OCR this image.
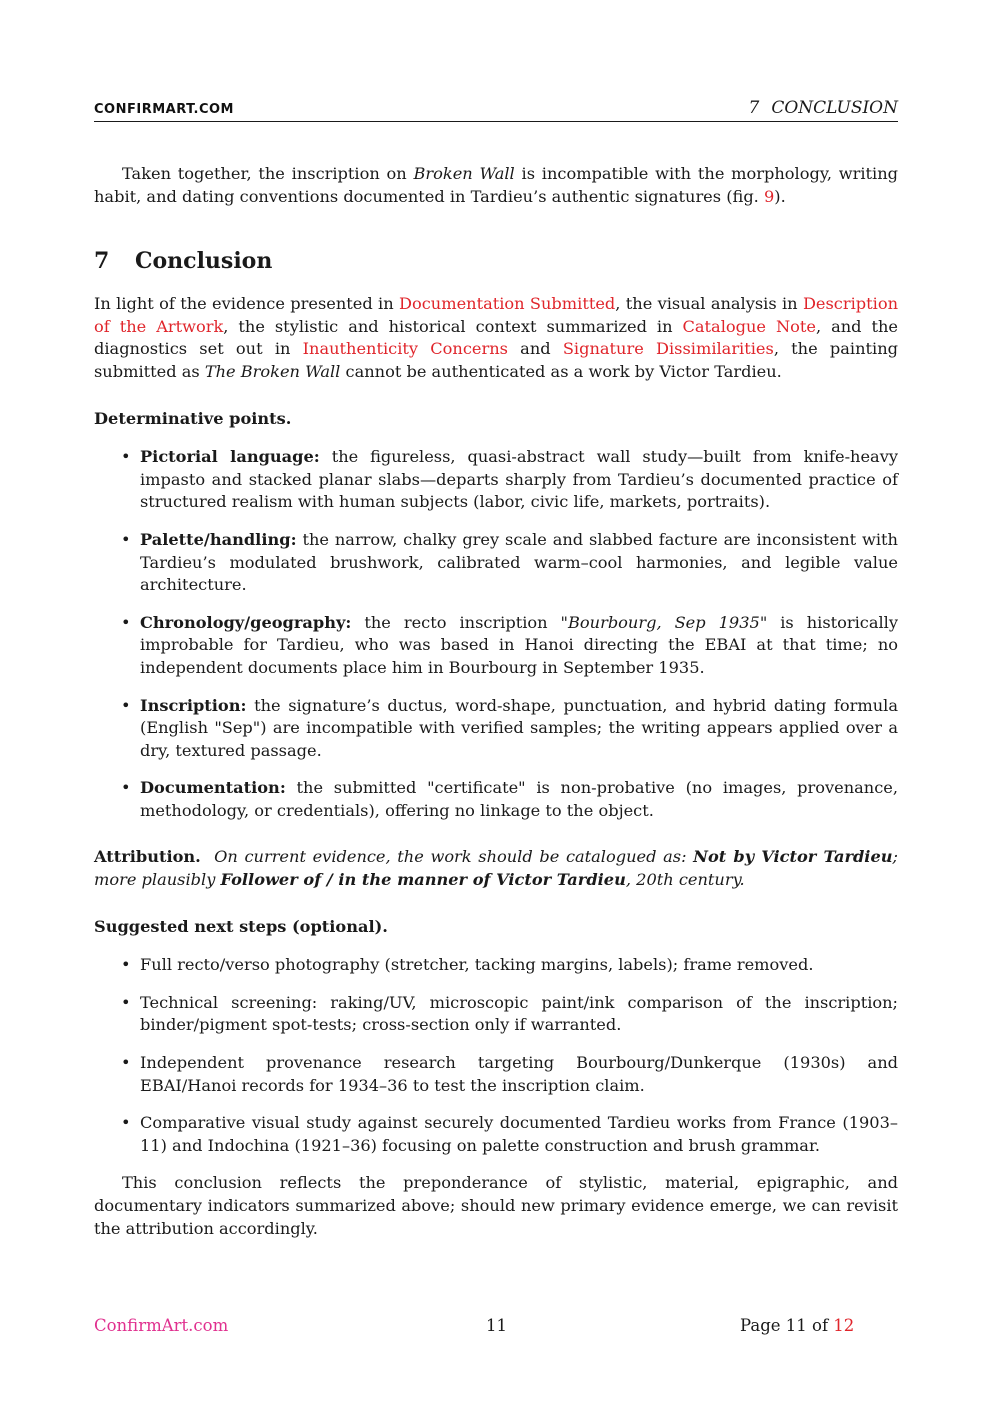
CONFIRMART.COM	7 CONCLUSION

Taken together, the inscription on Broken Wall is incompatible with the morphology, writing habit, and dating conventions documented in Tardieu’s authentic signatures (fig. 9).

7 Conclusion

In light of the evidence presented in Documentation Submitted, the visual analysis in Description of the Artwork, the stylistic and historical context summarized in Catalogue Note, and the diagnostics set out in Inauthenticity Concerns and Signature Dissimilarities, the painting submitted as The Broken Wall cannot be authenticated as a work by Victor Tardieu.

Determinative points.

• Pictorial language: the figureless, quasi-abstract wall study—built from knife-heavy impasto and stacked planar slabs—departs sharply from Tardieu’s documented practice of structured realism with human subjects (labor, civic life, markets, portraits).
• Palette/handling: the narrow, chalky grey scale and slabbed facture are inconsistent with Tardieu’s modulated brushwork, calibrated warm–cool harmonies, and legible value architecture.
• Chronology/geography: the recto inscription "Bourbourg, Sep 1935" is historically improbable for Tardieu, who was based in Hanoi directing the EBAI at that time; no independent documents place him in Bourbourg in September 1935.
• Inscription: the signature’s ductus, word-shape, punctuation, and hybrid dating formula (English "Sep") are incompatible with verified samples; the writing appears applied over a dry, textured passage.
• Documentation: the submitted "certificate" is non-probative (no images, provenance, methodology, or credentials), offering no linkage to the object.

Attribution. On current evidence, the work should be catalogued as: Not by Victor Tardieu; more plausibly Follower of / in the manner of Victor Tardieu, 20th century.

Suggested next steps (optional).

• Full recto/verso photography (stretcher, tacking margins, labels); frame removed.
• Technical screening: raking/UV, microscopic paint/ink comparison of the inscription; binder/pigment spot-tests; cross-section only if warranted.
• Independent provenance research targeting Bourbourg/Dunkerque (1930s) and EBAI/Hanoi records for 1934–36 to test the inscription claim.
• Comparative visual study against securely documented Tardieu works from France (1903–11) and Indochina (1921–36) focusing on palette construction and brush grammar.

This conclusion reflects the preponderance of stylistic, material, epigraphic, and documentary indicators summarized above; should new primary evidence emerge, we can revisit the attribution accordingly.

ConfirmArt.com	11	Page 11 of 12
